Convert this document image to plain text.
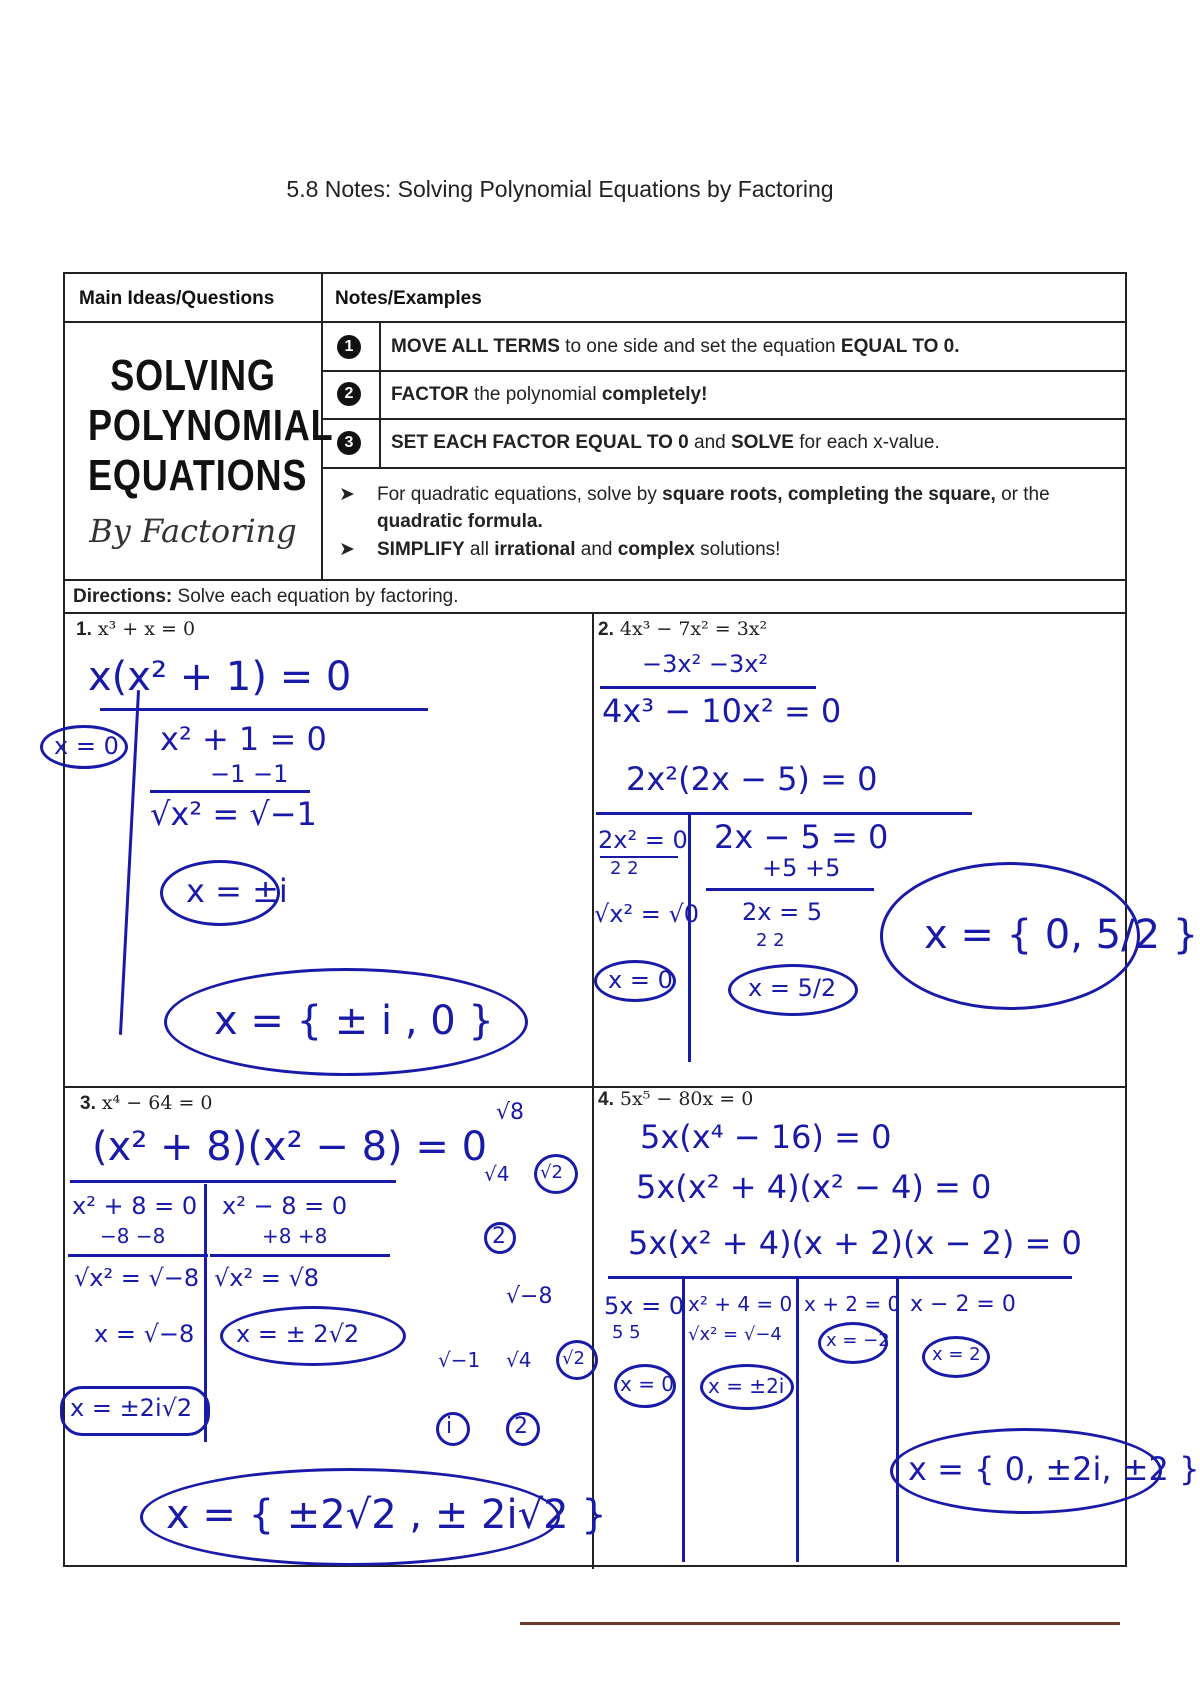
5.8 Notes: Solving Polynomial Equations by Factoring
Main Ideas/Questions	Notes/Examples
SOLVING
POLYNOMIAL
EQUATIONS
By Factoring
1	MOVE ALL TERMS to one side and set the equation EQUAL TO 0.
2	FACTOR the polynomial completely!
3	SET EACH FACTOR EQUAL TO 0 and SOLVE for each x-value.
➤ For quadratic equations, solve by square roots, completing the square, or the quadratic formula.
➤ SIMPLIFY all irrational and complex solutions!
Directions: Solve each equation by factoring.
1. x³ + x = 0	2. 4x³ − 7x² = 3x²
3. x⁴ − 64 = 0	4. 5x⁵ − 80x = 0
x(x² + 1) = 0
x = 0 x² + 1 = 0
−1 −1
√x² = √−1
x = ±i
x = { ± i , 0 }
−3x² −3x²
4x³ − 10x² = 0
2x²(2x − 5) = 0
2x² = 0
2 2
√x² = √0
x = 0
2x − 5 = 0
+5 +5
2x = 5
2 2
x = 5/2
x = { 0, 5/2 }
(x² + 8)(x² − 8) = 0
x² + 8 = 0
−8 −8
√x² = √−8
x = √−8
x = ±2i√2
x² − 8 = 0
+8 +8
√x² = √8
x = ± 2√2
√8
√4 √2
2
√−8
√−1 √4 √2
i	2
x = { ±2√2 , ± 2i√2 }
5x(x⁴ − 16) = 0
5x(x² + 4)(x² − 4) = 0
5x(x² + 4)(x + 2)(x − 2) = 0
5x = 0
5 5
x = 0
x² + 4 = 0
√x² = √−4
x = ±2i
x + 2 = 0
x = −2
x − 2 = 0
x = 2
x = { 0, ±2i, ±2 }
